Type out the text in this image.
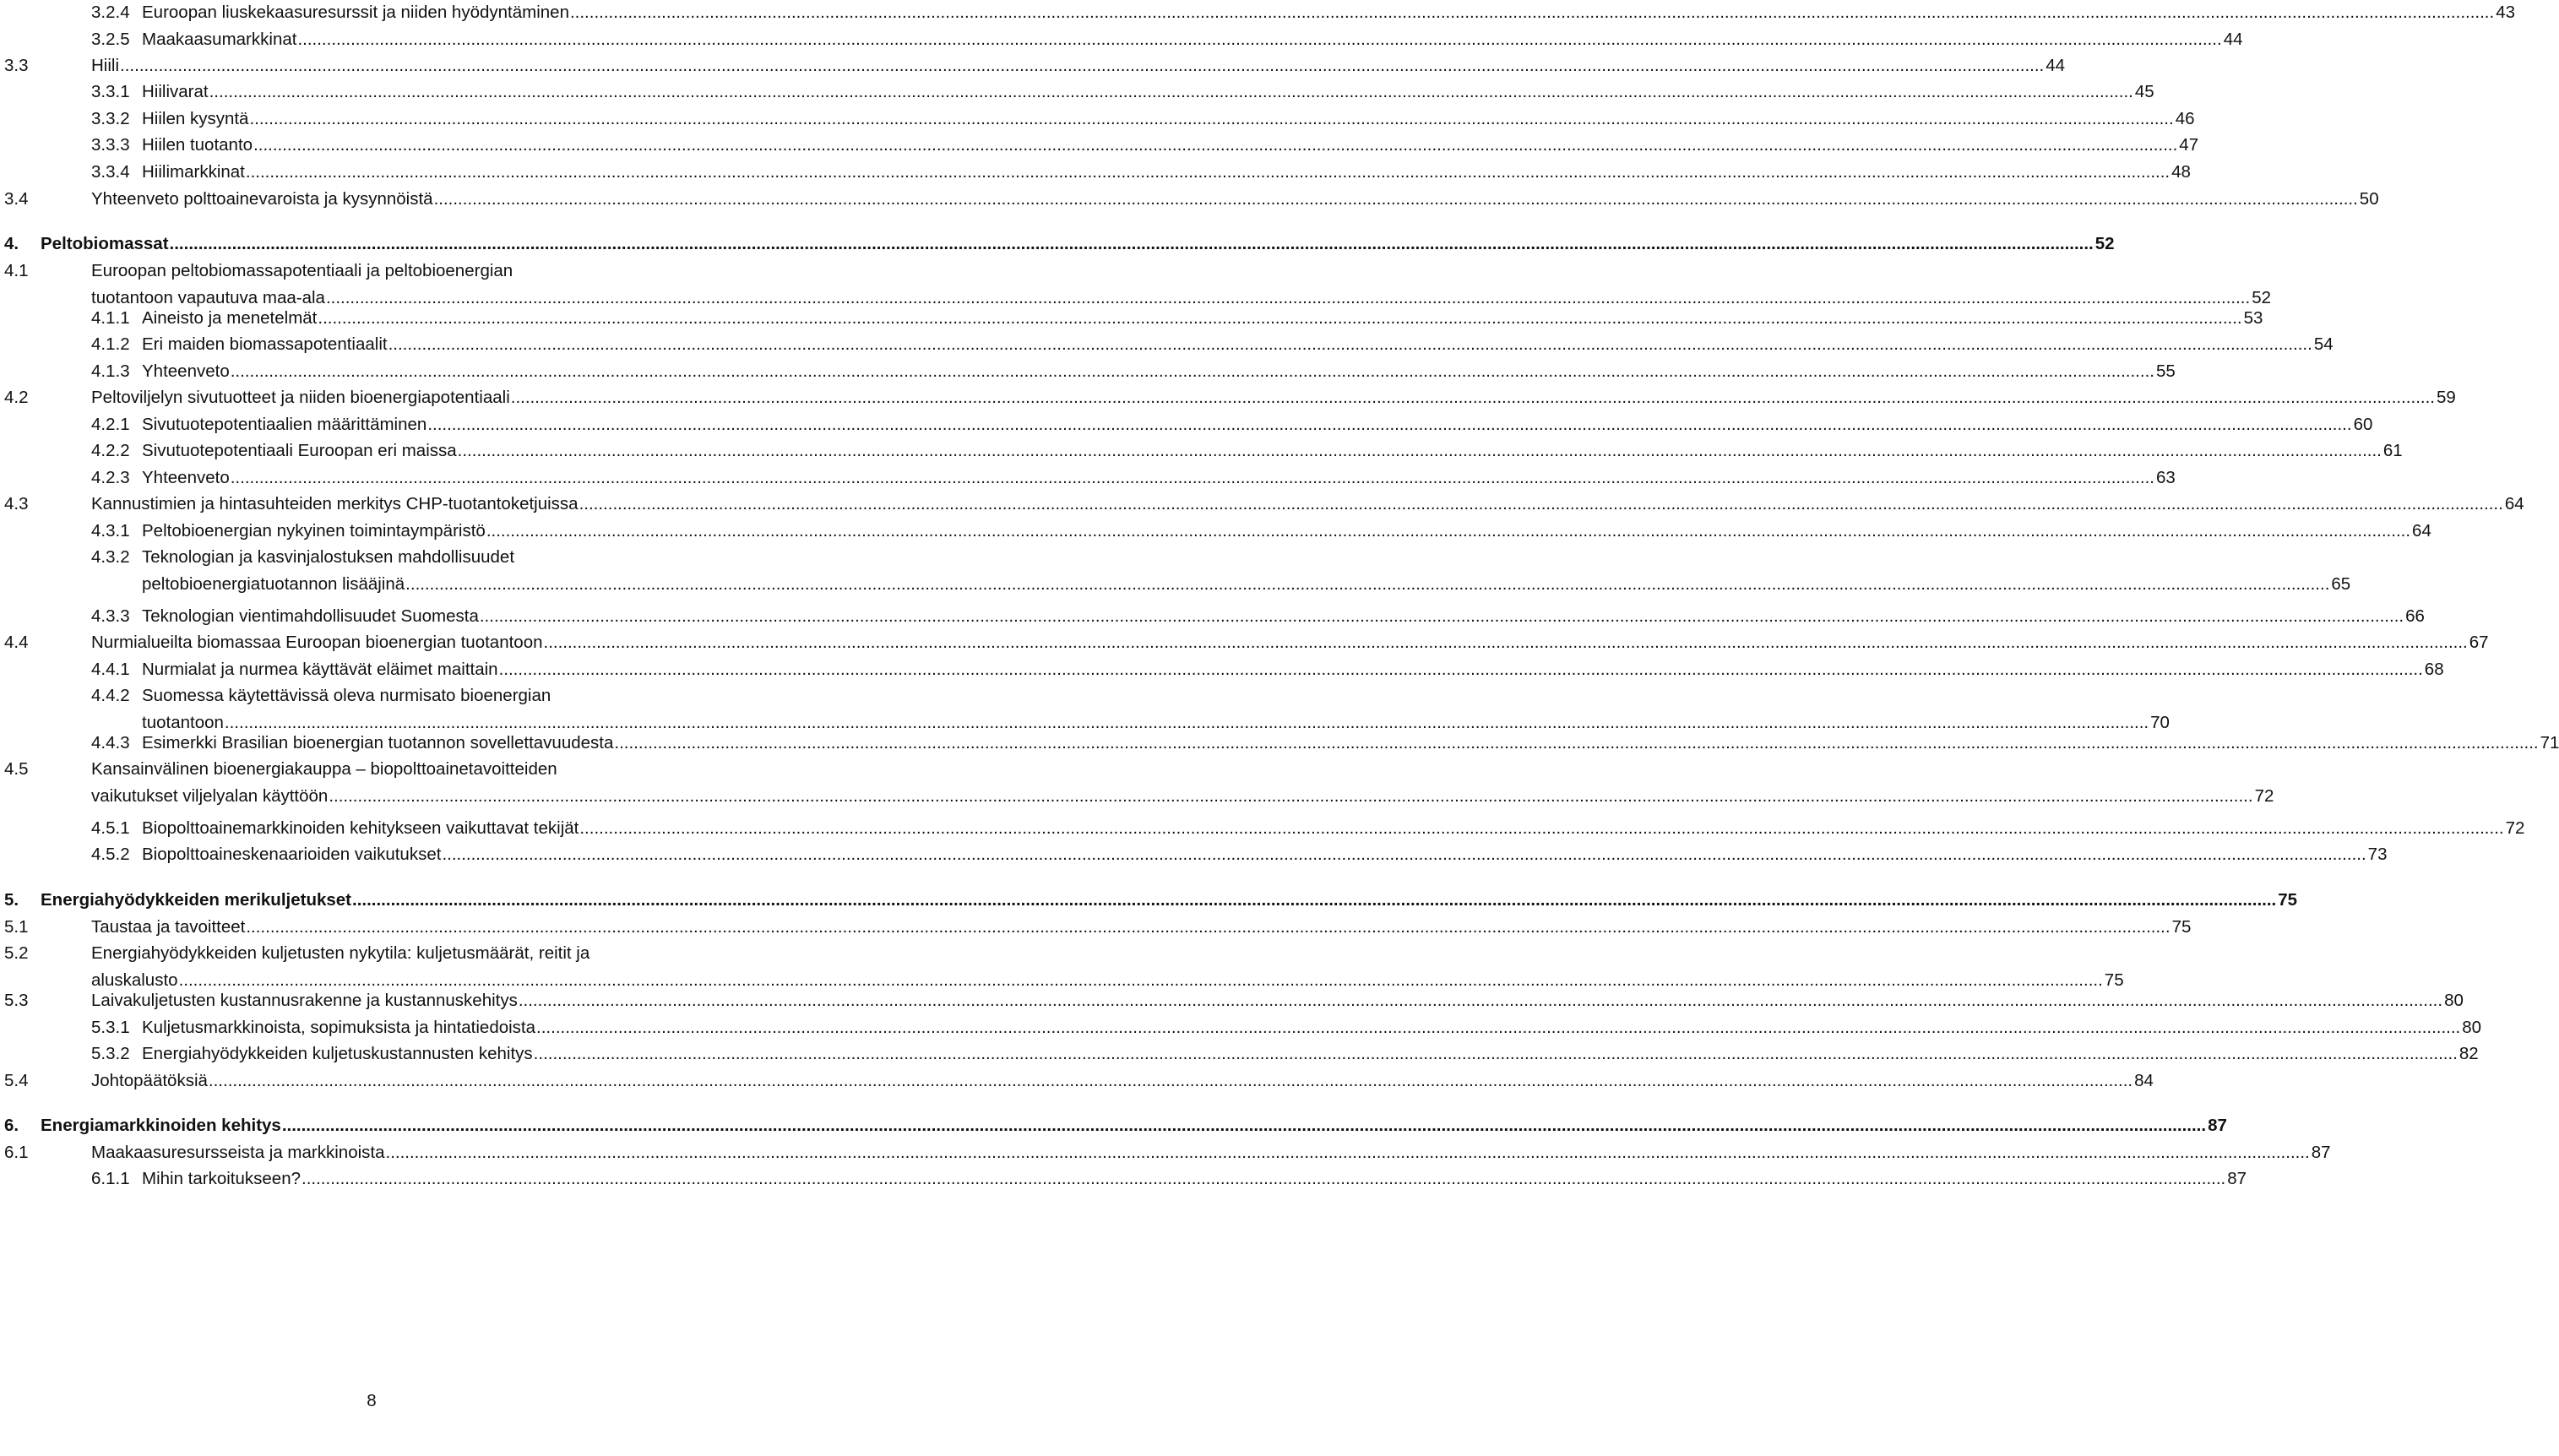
3.2.4 Euroopan liuskekaasuresurssit ja niiden hyödyntäminen ................................................................................................................................................................................................................................................................................................................................................................................................................ 43
3.2.5 Maakaasumarkkinat ................................................................................................................................................................................................................................................................................................................................................................................................................ 44
3.3	Hiili ................................................................................................................................................................................................................................................................................................................................................................................................................ 44
3.3.1 Hiilivarat ................................................................................................................................................................................................................................................................................................................................................................................................................ 45
3.3.2 Hiilen kysyntä ................................................................................................................................................................................................................................................................................................................................................................................................................ 46
3.3.3 Hiilen tuotanto ................................................................................................................................................................................................................................................................................................................................................................................................................ 47
3.3.4 Hiilimarkkinat ................................................................................................................................................................................................................................................................................................................................................................................................................ 48
3.4	Yhteenveto polttoainevaroista ja kysynnöistä ................................................................................................................................................................................................................................................................................................................................................................................................................ 50
4. Peltobiomassat ................................................................................................................................................................................................................................................................................................................................................................................................................ 52
4.1	Euroopan peltobiomassapotentiaali ja peltobioenergian
tuotantoon vapautuva maa-ala ................................................................................................................................................................................................................................................................................................................................................................................................................ 52
4.1.1 Aineisto ja menetelmät ................................................................................................................................................................................................................................................................................................................................................................................................................ 53
4.1.2 Eri maiden biomassapotentiaalit ................................................................................................................................................................................................................................................................................................................................................................................................................ 54
4.1.3 Yhteenveto ................................................................................................................................................................................................................................................................................................................................................................................................................ 55
4.2	Peltoviljelyn sivutuotteet ja niiden bioenergiapotentiaali ................................................................................................................................................................................................................................................................................................................................................................................................................ 59
4.2.1 Sivutuotepotentiaalien määrittäminen ................................................................................................................................................................................................................................................................................................................................................................................................................ 60
4.2.2 Sivutuotepotentiaali Euroopan eri maissa ................................................................................................................................................................................................................................................................................................................................................................................................................ 61
4.2.3 Yhteenveto ................................................................................................................................................................................................................................................................................................................................................................................................................ 63
4.3	Kannustimien ja hintasuhteiden merkitys CHP-tuotantoketjuissa ................................................................................................................................................................................................................................................................................................................................................................................................................ 64
4.3.1 Peltobioenergian nykyinen toimintaympäristö ................................................................................................................................................................................................................................................................................................................................................................................................................ 64
4.3.2 Teknologian ja kasvinjalostuksen mahdollisuudet
peltobioenergiatuotannon lisääjinä ................................................................................................................................................................................................................................................................................................................................................................................................................ 65
4.3.3 Teknologian vientimahdollisuudet Suomesta ................................................................................................................................................................................................................................................................................................................................................................................................................ 66
4.4	Nurmialueilta biomassaa Euroopan bioenergian tuotantoon ................................................................................................................................................................................................................................................................................................................................................................................................................ 67
4.4.1 Nurmialat ja nurmea käyttävät eläimet maittain ................................................................................................................................................................................................................................................................................................................................................................................................................ 68
4.4.2 Suomessa käytettävissä oleva nurmisato bioenergian
tuotantoon ................................................................................................................................................................................................................................................................................................................................................................................................................ 70
4.4.3 Esimerkki Brasilian bioenergian tuotannon sovellettavuudesta ................................................................................................................................................................................................................................................................................................................................................................................................................ 71
4.5	Kansainvälinen bioenergiakauppa – biopolttoainetavoitteiden
vaikutukset viljelyalan käyttöön ................................................................................................................................................................................................................................................................................................................................................................................................................ 72
4.5.1 Biopolttoainemarkkinoiden kehitykseen vaikuttavat tekijät ................................................................................................................................................................................................................................................................................................................................................................................................................ 72
4.5.2 Biopolttoaineskenaarioiden vaikutukset ................................................................................................................................................................................................................................................................................................................................................................................................................ 73
5. Energiahyödykkeiden merikuljetukset ................................................................................................................................................................................................................................................................................................................................................................................................................ 75
5.1	Taustaa ja tavoitteet ................................................................................................................................................................................................................................................................................................................................................................................................................ 75
5.2	Energiahyödykkeiden kuljetusten nykytila: kuljetusmäärät, reitit ja
aluskalusto ................................................................................................................................................................................................................................................................................................................................................................................................................ 75
5.3	Laivakuljetusten kustannusrakenne ja kustannuskehitys ................................................................................................................................................................................................................................................................................................................................................................................................................ 80
5.3.1 Kuljetusmarkkinoista, sopimuksista ja hintatiedoista ................................................................................................................................................................................................................................................................................................................................................................................................................ 80
5.3.2 Energiahyödykkeiden kuljetuskustannusten kehitys ................................................................................................................................................................................................................................................................................................................................................................................................................ 82
5.4	Johtopäätöksiä ................................................................................................................................................................................................................................................................................................................................................................................................................ 84
6. Energiamarkkinoiden kehitys ................................................................................................................................................................................................................................................................................................................................................................................................................ 87
6.1	Maakaasuresursseista ja markkinoista ................................................................................................................................................................................................................................................................................................................................................................................................................ 87
6.1.1 Mihin tarkoitukseen? ................................................................................................................................................................................................................................................................................................................................................................................................................ 87
8
